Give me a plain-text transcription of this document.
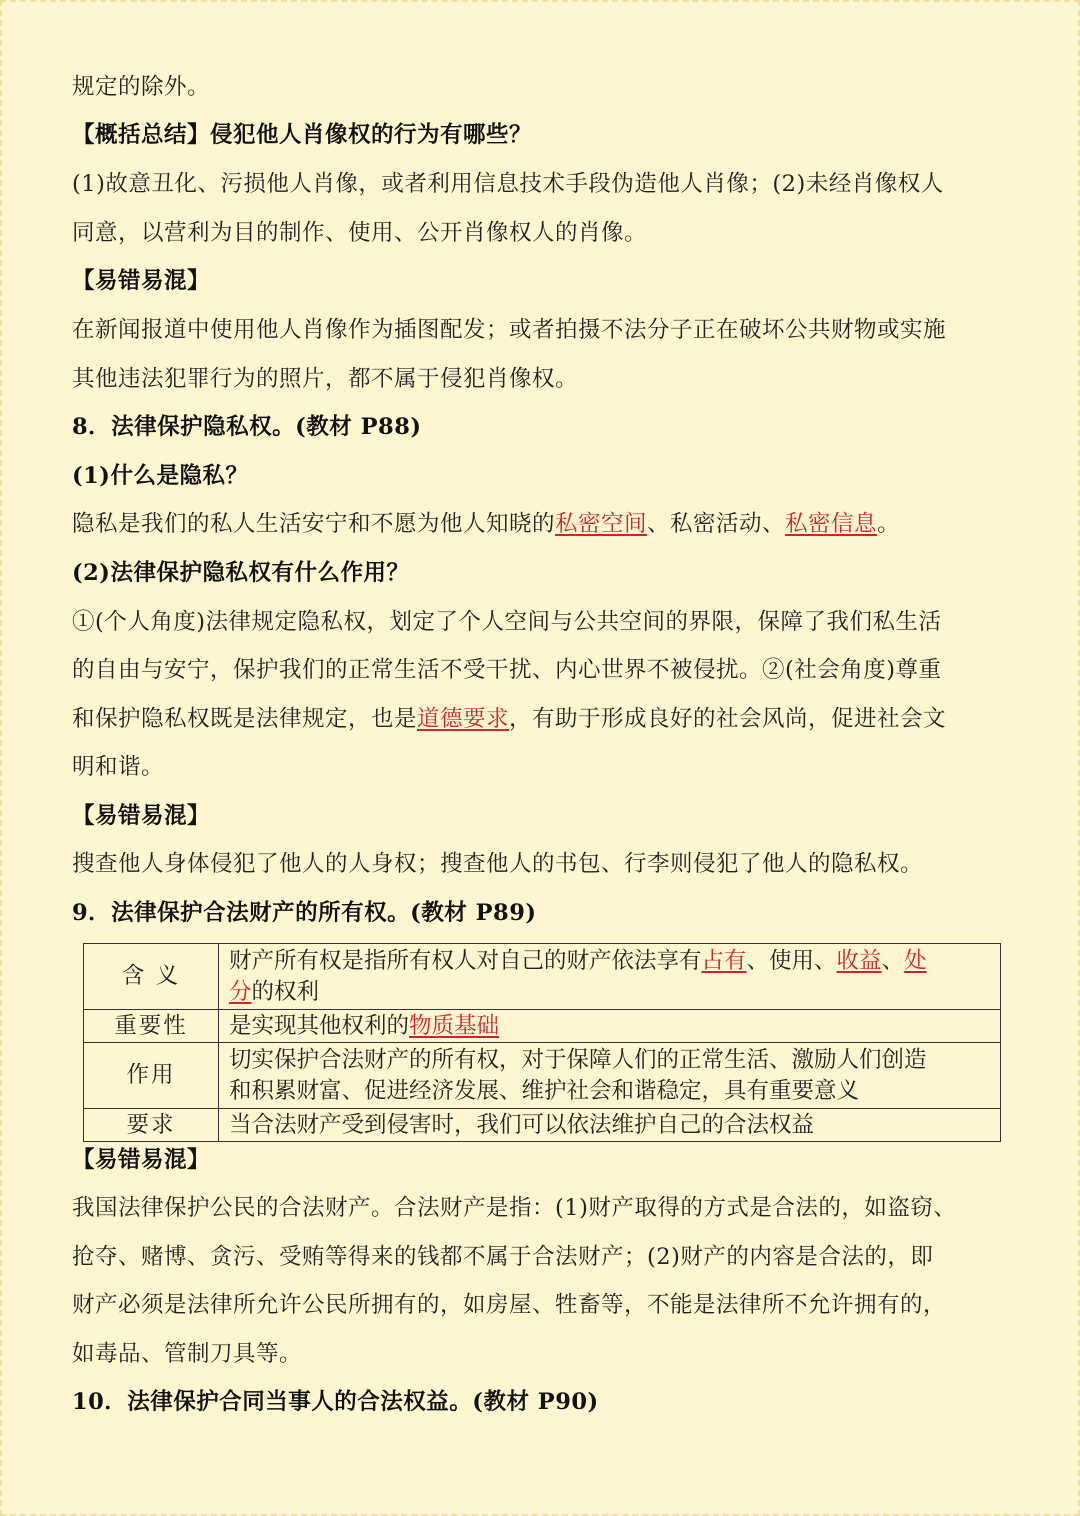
规定的除外。
【概括总结】侵犯他人肖像权的行为有哪些？
(1)故意丑化、污损他人肖像，或者利用信息技术手段伪造他人肖像；(2)未经肖像权人
同意，以营利为目的制作、使用、公开肖像权人的肖像。
【易错易混】
在新闻报道中使用他人肖像作为插图配发；或者拍摄不法分子正在破坏公共财物或实施
其他违法犯罪行为的照片，都不属于侵犯肖像权。
8．法律保护隐私权。(教材 P88)
(1)什么是隐私？
隐私是我们的私人生活安宁和不愿为他人知晓的私密空间、私密活动、私密信息。
(2)法律保护隐私权有什么作用？
①(个人角度)法律规定隐私权，划定了个人空间与公共空间的界限，保障了我们私生活
的自由与安宁，保护我们的正常生活不受干扰、内心世界不被侵扰。②(社会角度)尊重
和保护隐私权既是法律规定，也是道德要求，有助于形成良好的社会风尚，促进社会文
明和谐。
【易错易混】
搜查他人身体侵犯了他人的人身权；搜查他人的书包、行李则侵犯了他人的隐私权。
9．法律保护合法财产的所有权。(教材 P89)
含 义	财产所有权是指所有权人对自己的财产依法享有占有、使用、收益、处
分的权利
重要性	是实现其他权利的物质基础
作用	切实保护合法财产的所有权，对于保障人们的正常生活、激励人们创造
和积累财富、促进经济发展、维护社会和谐稳定，具有重要意义
要求	当合法财产受到侵害时，我们可以依法维护自己的合法权益
【易错易混】
我国法律保护公民的合法财产。合法财产是指：(1)财产取得的方式是合法的，如盗窃、
抢夺、赌博、贪污、受贿等得来的钱都不属于合法财产；(2)财产的内容是合法的，即
财产必须是法律所允许公民所拥有的，如房屋、牲畜等，不能是法律所不允许拥有的，
如毒品、管制刀具等。
10．法律保护合同当事人的合法权益。(教材 P90)
